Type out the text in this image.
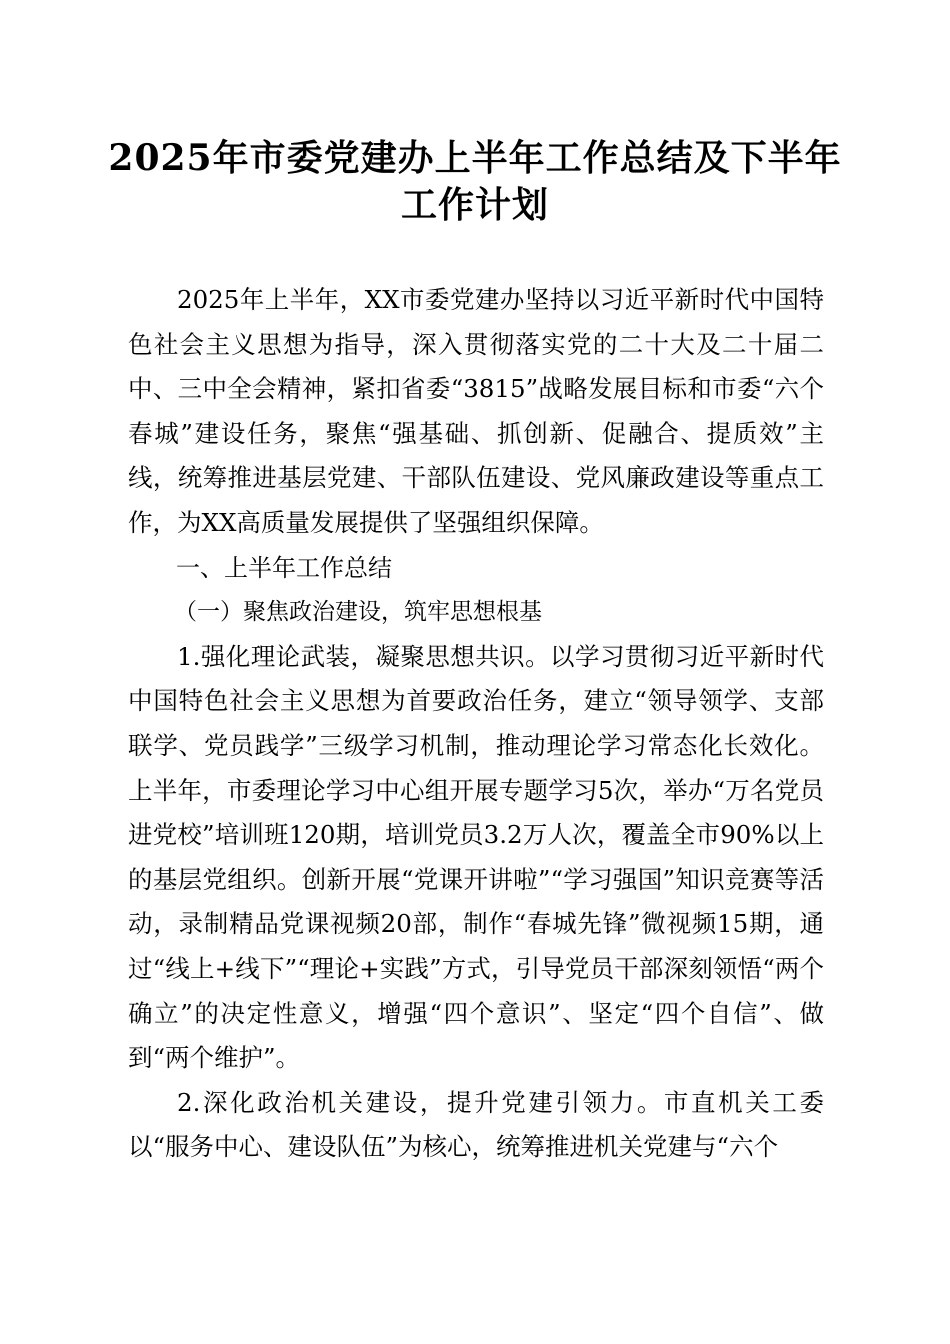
2025年市委党建办上半年工作总结及下半年工作计划

2025年上半年，XX市委党建办坚持以习近平新时代中国特色社会主义思想为指导，深入贯彻落实党的二十大及二十届二中、三中全会精神，紧扣省委“3815”战略发展目标和市委“六个春城”建设任务，聚焦“强基础、抓创新、促融合、提质效”主线，统筹推进基层党建、干部队伍建设、党风廉政建设等重点工作，为XX高质量发展提供了坚强组织保障。

一、上半年工作总结

（一）聚焦政治建设，筑牢思想根基

1.强化理论武装，凝聚思想共识。以学习贯彻习近平新时代中国特色社会主义思想为首要政治任务，建立“领导领学、支部联学、党员践学”三级学习机制，推动理论学习常态化长效化。上半年，市委理论学习中心组开展专题学习5次，举办“万名党员进党校”培训班120期，培训党员3.2万人次，覆盖全市90%以上的基层党组织。创新开展“党课开讲啦”“学习强国”知识竞赛等活动，录制精品党课视频20部，制作“春城先锋”微视频15期，通过“线上+线下”“理论+实践”方式，引导党员干部深刻领悟“两个确立”的决定性意义，增强“四个意识”、坚定“四个自信”、做到“两个维护”。

2.深化政治机关建设，提升党建引领力。市直机关工委以“服务中心、建设队伍”为核心，统筹推进机关党建与“六个
